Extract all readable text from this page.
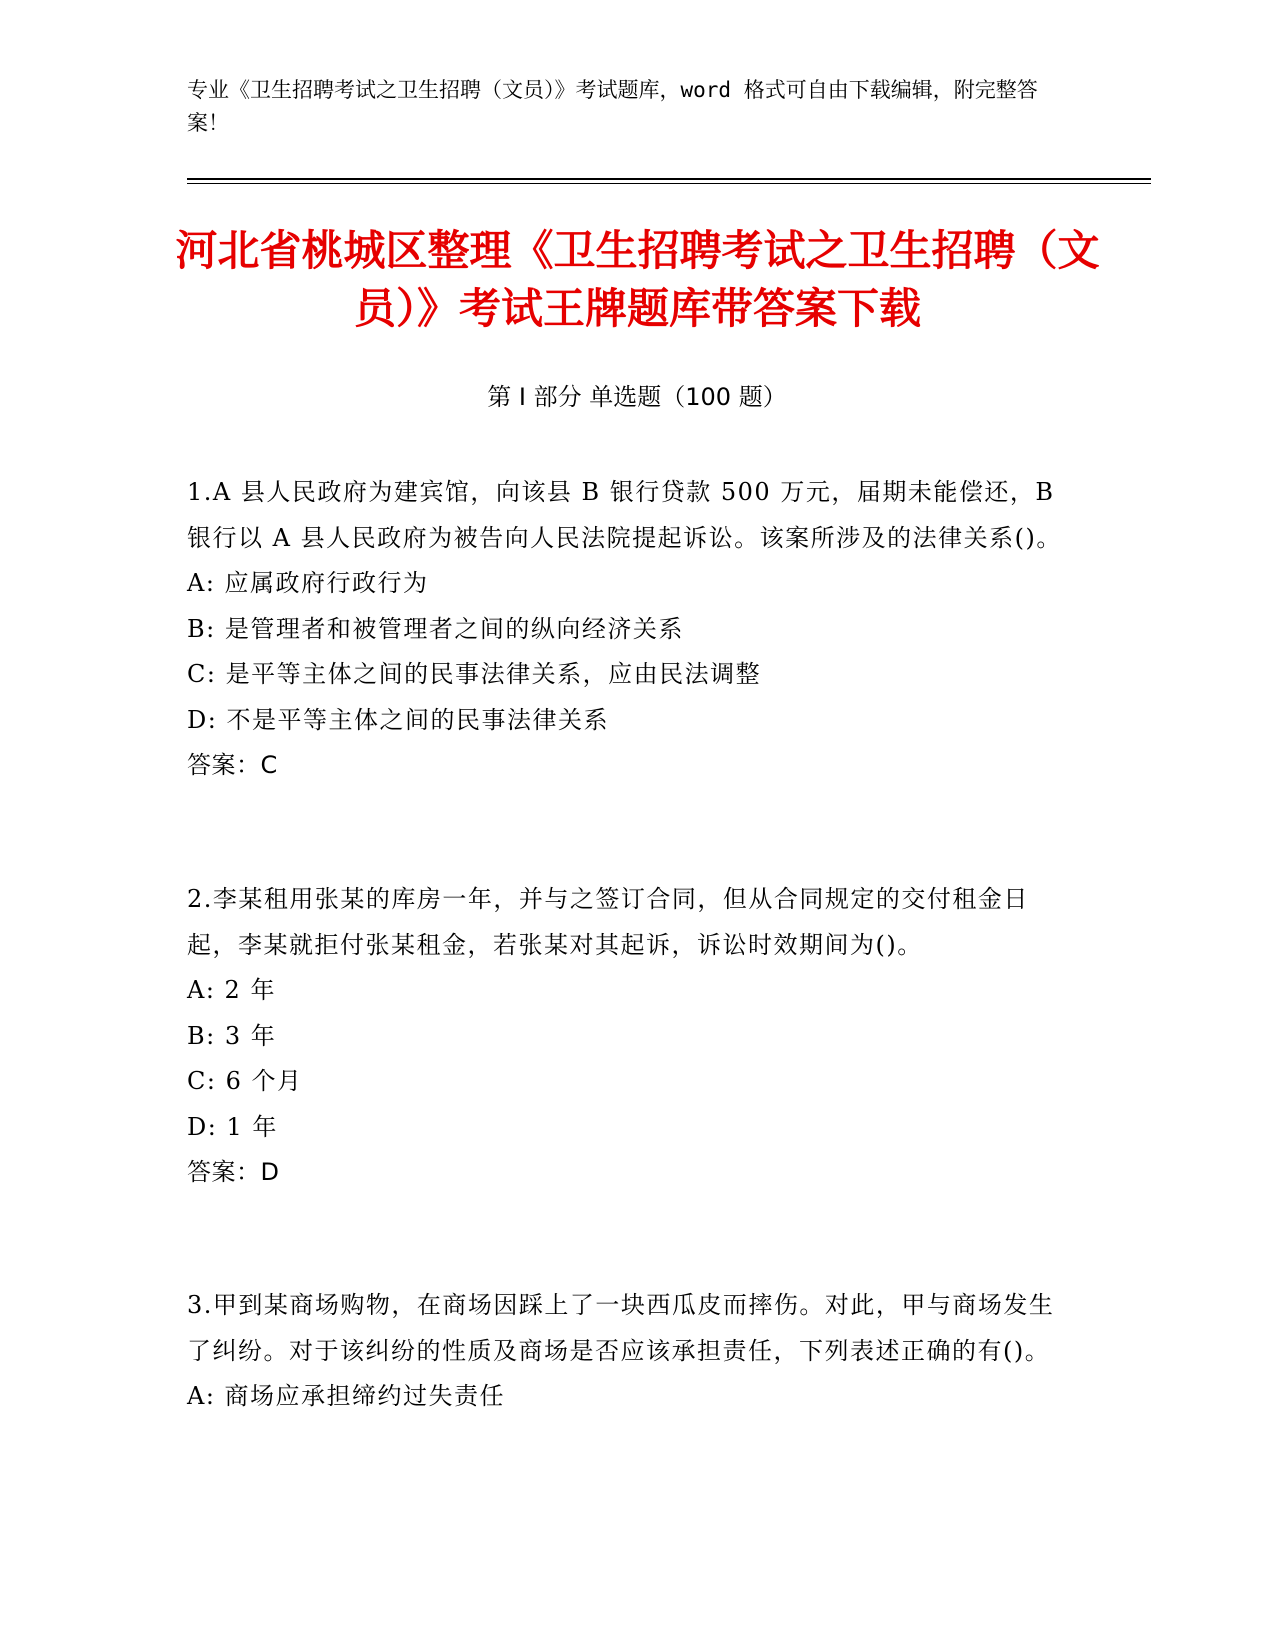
专业《卫生招聘考试之卫生招聘（文员）》考试题库，word 格式可自由下载编辑，附完整答案！
河北省桃城区整理《卫生招聘考试之卫生招聘（文员）》考试王牌题库带答案下载
第 I 部分 单选题（100 题）

1.A 县人民政府为建宾馆，向该县 B 银行贷款 500 万元，届期未能偿还，B 银行以 A 县人民政府为被告向人民法院提起诉讼。该案所涉及的法律关系()。

A: 应属政府行政行为

B: 是管理者和被管理者之间的纵向经济关系

C: 是平等主体之间的民事法律关系，应由民法调整

D: 不是平等主体之间的民事法律关系

答案：C

2.李某租用张某的库房一年，并与之签订合同，但从合同规定的交付租金日起，李某就拒付张某租金，若张某对其起诉，诉讼时效期间为()。

A: 2 年

B: 3 年

C: 6 个月

D: 1 年

答案：D

3.甲到某商场购物，在商场因踩上了一块西瓜皮而摔伤。对此，甲与商场发生了纠纷。对于该纠纷的性质及商场是否应该承担责任，下列表述正确的有()。

A: 商场应承担缔约过失责任
